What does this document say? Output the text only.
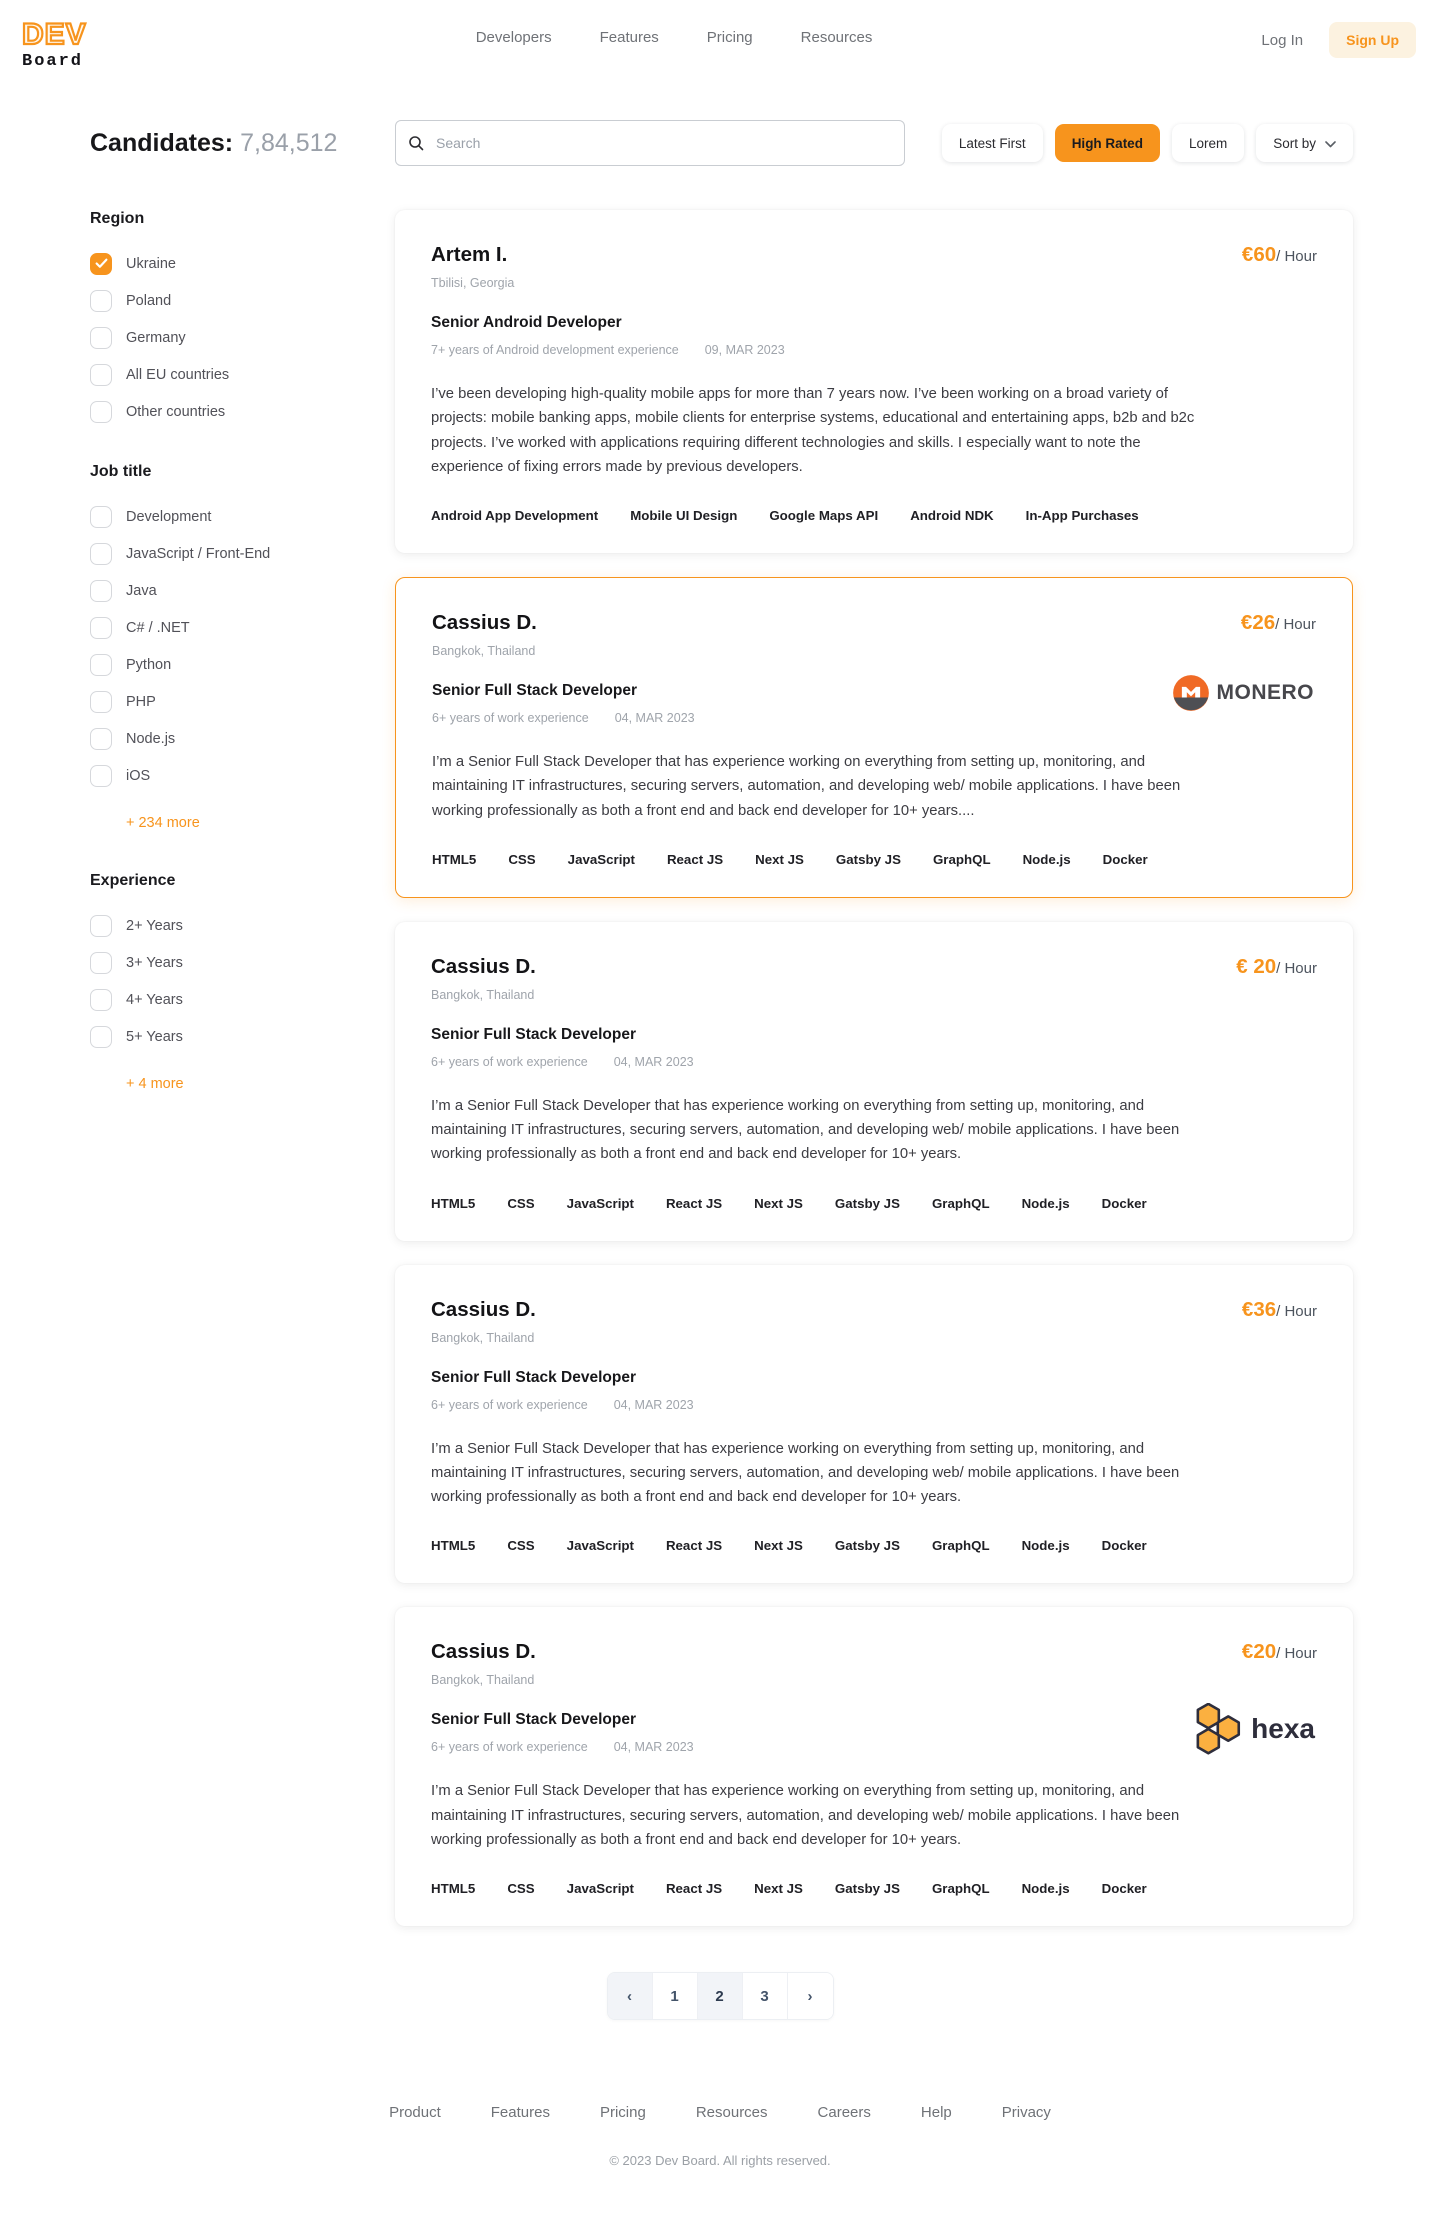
DEV
Board
Developers	Features	Pricing	Resources	Log In	Sign Up
Candidates: 7,84,512
Search	Latest First	High Rated	Lorem	Sort by
Region
Ukraine
Poland
Germany
All EU countries
Other countries
Job title
Development
JavaScript / Front-End
Java
C# / .NET
Python
PHP
Node.js
iOS
+ 234 more
Experience
2+ Years
3+ Years
4+ Years
5+ Years
+ 4 more
Artem I.	€60/ Hour
Tbilisi, Georgia
Senior Android Developer
7+ years of Android development experience 09, MAR 2023

I’ve been developing high-quality mobile apps for more than 7 years now. I’ve been working on a broad variety of projects: mobile banking apps, mobile clients for enterprise systems, educational and entertaining apps, b2b and b2c projects. I’ve worked with applications requiring different technologies and skills. I especially want to note the experience of fixing errors made by previous developers.

Android App Development Mobile UI Design Google Maps API Android NDK In-App Purchases
Cassius D.	€26/ Hour
Bangkok, Thailand
Senior Full Stack Developer
6+ years of work experience 04, MAR 2023
MONERO

I’m a Senior Full Stack Developer that has experience working on everything from setting up, monitoring, and maintaining IT infrastructures, securing servers, automation, and developing web/ mobile applications. I have been working professionally as both a front end and back end developer for 10+ years....

HTML5 CSS JavaScript React JS Next JS Gatsby JS GraphQL Node.js Docker
Cassius D.	€ 20/ Hour
Bangkok, Thailand
Senior Full Stack Developer
6+ years of work experience 04, MAR 2023

I’m a Senior Full Stack Developer that has experience working on everything from setting up, monitoring, and maintaining IT infrastructures, securing servers, automation, and developing web/ mobile applications. I have been working professionally as both a front end and back end developer for 10+ years.

HTML5 CSS JavaScript React JS Next JS Gatsby JS GraphQL Node.js Docker
Cassius D.	€36/ Hour
Bangkok, Thailand
Senior Full Stack Developer
6+ years of work experience 04, MAR 2023

I’m a Senior Full Stack Developer that has experience working on everything from setting up, monitoring, and maintaining IT infrastructures, securing servers, automation, and developing web/ mobile applications. I have been working professionally as both a front end and back end developer for 10+ years.

HTML5 CSS JavaScript React JS Next JS Gatsby JS GraphQL Node.js Docker
Cassius D.	€20/ Hour
Bangkok, Thailand
Senior Full Stack Developer
6+ years of work experience 04, MAR 2023
hexa

I’m a Senior Full Stack Developer that has experience working on everything from setting up, monitoring, and maintaining IT infrastructures, securing servers, automation, and developing web/ mobile applications. I have been working professionally as both a front end and back end developer for 10+ years.

HTML5 CSS JavaScript React JS Next JS Gatsby JS GraphQL Node.js Docker
‹	1	2	3	›
Product	Features	Pricing	Resources	Careers	Help	Privacy
© 2023 Dev Board. All rights reserved.
